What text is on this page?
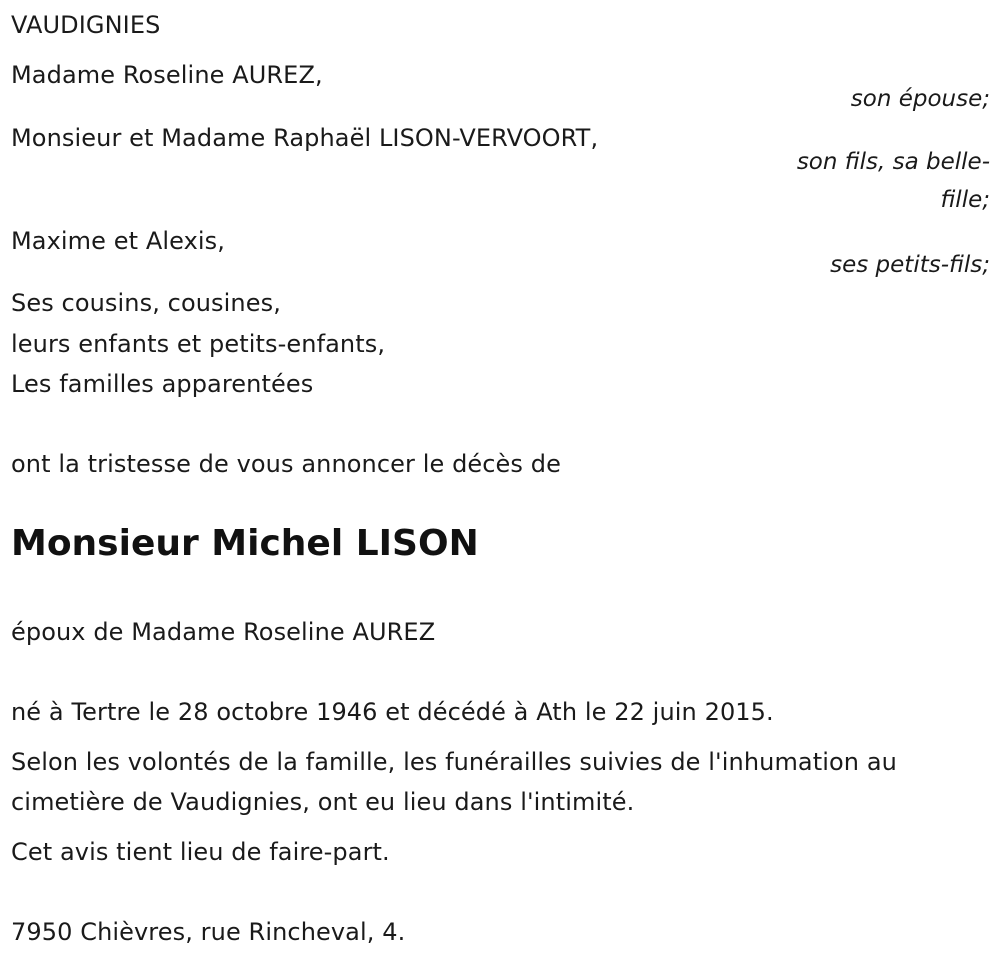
VAUDIGNIES
Madame Roseline AUREZ,
son épouse;
Monsieur et Madame Raphaël LISON-VERVOORT,
son fils, sa belle-fille;
Maxime et Alexis,
ses petits-fils;
Ses cousins, cousines,
leurs enfants et petits-enfants,
Les familles apparentées
ont la tristesse de vous annoncer le décès de
Monsieur Michel LISON
époux de Madame Roseline AUREZ
né à Tertre le 28 octobre 1946 et décédé à Ath le 22 juin 2015.
Selon les volontés de la famille, les funérailles suivies de l'inhumation au
cimetière de Vaudignies, ont eu lieu dans l'intimité.
Cet avis tient lieu de faire-part.
7950 Chièvres, rue Rincheval, 4.
